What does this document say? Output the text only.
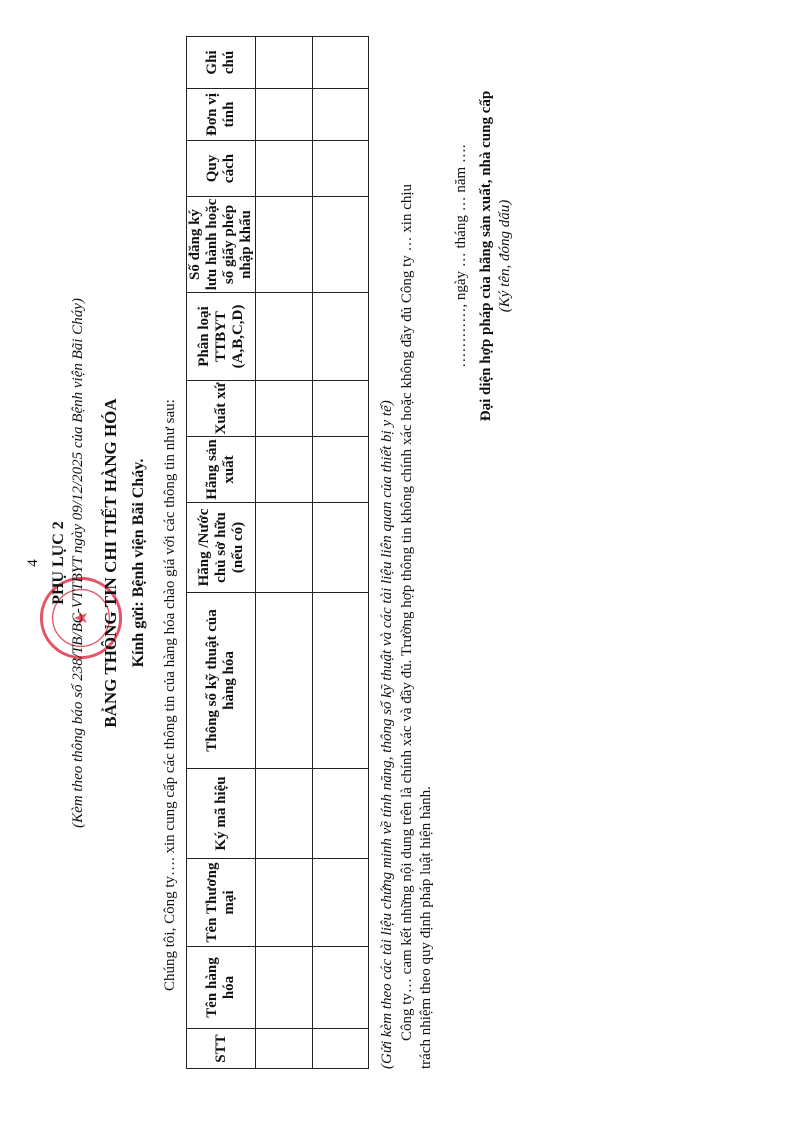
4 PHỤ LỤC 2 (Kèm theo thông báo số 238/TB/BC-VTTBYT ngày 09/12/2025 của Bệnh viện Bãi Cháy) BẢNG THÔNG TIN CHI TIẾT HÀNG HÓA Kính gửi: Bệnh viện Bãi Cháy. Chúng tôi, Công ty…. xin cung cấp các thông tin của hàng hóa chào giá với các thông tin như sau:
STT	Tên hàng hóa	Tên Thương mại	Ký mã hiệu	Thông số kỹ thuật của hàng hóa	Hãng /Nước chủ sở hữu (nếu có)	Hãng sản xuất	Xuất xứ	Phân loại TTBYT (A,B,C,D)	Số đăng ký lưu hành hoặc số giấy phép nhập khẩu	Quy cách	Đơn vị tính	Ghi chú

(Gửi kèm theo các tài liệu chứng minh về tính năng, thông số kỹ thuật và các tài liệu liên quan của thiết bị y tế) Công ty… cam kết những nội dung trên là chính xác và đầy đủ. Trường hợp thông tin không chính xác hoặc không đầy đủ Công ty … xin chịu trách nhiệm theo quy định pháp luật hiện hành.
…………, ngày … tháng … năm …. Đại diện hợp pháp của hãng sản xuất, nhà cung cấp (Ký tên, đóng dấu)
